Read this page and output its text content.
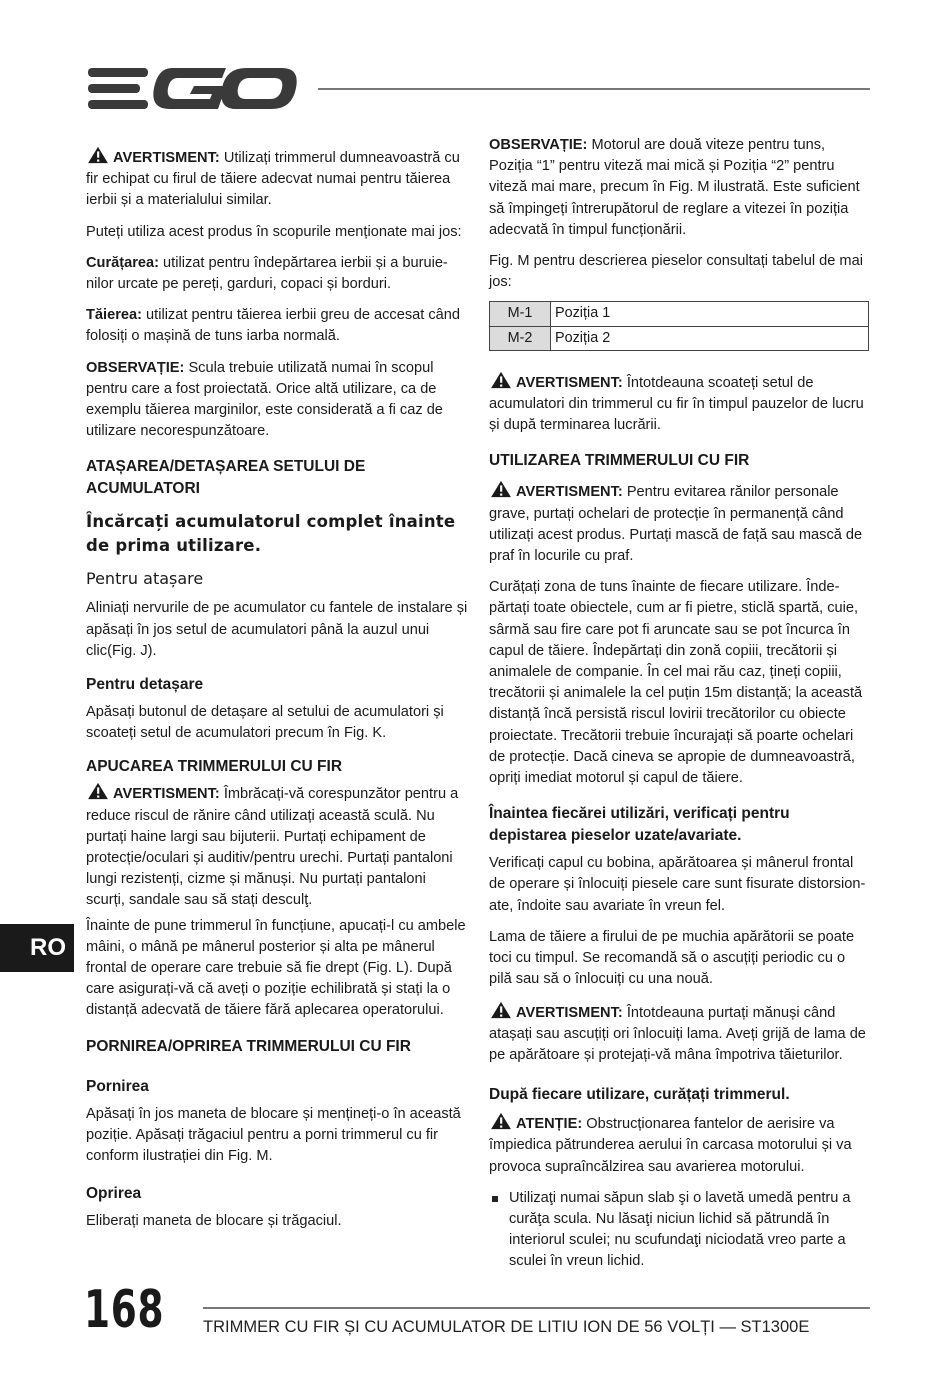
AVERTISMENT: Utilizați trimmerul dumneavoastră cu fir echipat cu firul de tăiere adecvat numai pentru tăierea ierbii și a materialului similar.

Puteți utiliza acest produs în scopurile menționate mai jos:

Curățarea: utilizat pentru îndepărtarea ierbii și a buruie-nilor urcate pe pereți, garduri, copaci și borduri.

Tăierea: utilizat pentru tăierea ierbii greu de accesat când folosiți o mașină de tuns iarba normală.

OBSERVAȚIE: Scula trebuie utilizată numai în scopul pentru care a fost proiectată. Orice altă utilizare, ca de exemplu tăierea marginilor, este considerată a fi caz de utilizare necorespunzătoare.

ATAȘAREA/DETAȘAREA SETULUI DE ACUMULATORI
Încărcați acumulatorul complet înainte de prima utilizare.
Pentru atașare

Aliniați nervurile de pe acumulator cu fantele de instalare și apăsați în jos setul de acumulatori până la auzul unui clic(Fig. J).

Pentru detașare

Apăsați butonul de detașare al setului de acumulatori și scoateți setul de acumulatori precum în Fig. K.

APUCAREA TRIMMERULUI CU FIR

AVERTISMENT: Îmbrăcați-vă corespunzător pentru a reduce riscul de rănire când utilizați această sculă. Nu purtați haine largi sau bijuterii. Purtați echipament de protecție/oculari și auditiv/pentru urechi. Purtați pantaloni lungi rezistenți, cizme și mănuși. Nu purtați pantaloni scurți, sandale sau să stați desculţ.

Înainte de pune trimmerul în funcțiune, apucați-l cu ambele mâini, o mână pe mânerul posterior și alta pe mânerul frontal de operare care trebuie să fie drept (Fig. L). După care asigurați-vă că aveți o poziție echilibrată și stați la o distanță adecvată de tăiere fără aplecarea operatorului.

PORNIREA/OPRIREA TRIMMERULUI CU FIR
Pornirea

Apăsați în jos maneta de blocare și mențineți-o în această poziție. Apăsați trăgaciul pentru a porni trimmerul cu fir conform ilustrației din Fig. M.

Oprirea

Eliberați maneta de blocare și trăgaciul.

OBSERVAȚIE: Motorul are două viteze pentru tuns, Poziția “1” pentru viteză mai mică și Poziția “2” pentru viteză mai mare, precum în Fig. M ilustrată. Este suficient să împingeți întrerupătorul de reglare a vitezei în poziția adecvată în timpul funcționării.

Fig. M pentru descrierea pieselor consultați tabelul de mai jos:

M-1	Poziția 1
M-2	Poziția 2

AVERTISMENT: Întotdeauna scoateți setul de acumulatori din trimmerul cu fir în timpul pauzelor de lucru și după terminarea lucrării.

UTILIZAREA TRIMMERULUI CU FIR

AVERTISMENT: Pentru evitarea rănilor personale grave, purtați ochelari de protecție în permanență când utilizați acest produs. Purtați mască de față sau mască de praf în locurile cu praf.

Curățați zona de tuns înainte de fiecare utilizare. Înde-părtați toate obiectele, cum ar fi pietre, sticlă spartă, cuie, sârmă sau fire care pot fi aruncate sau se pot încurca în capul de tăiere. Îndepărtați din zonă copiii, trecătorii și animalele de companie. În cel mai rău caz, țineți copiii, trecătorii și animalele la cel puțin 15m distanță; la această distanță încă persistă riscul lovirii trecătorilor cu obiecte proiectate. Trecătorii trebuie încurajați să poarte ochelari de protecție. Dacă cineva se apropie de dumneavoastră, opriți imediat motorul și capul de tăiere.

Înaintea fiecărei utilizări, verificați pentru depistarea pieselor uzate/avariate.

Verificați capul cu bobina, apărătoarea și mânerul frontal de operare și înlocuiți piesele care sunt fisurate distorsion-ate, îndoite sau avariate în vreun fel.

Lama de tăiere a firului de pe muchia apărătorii se poate toci cu timpul. Se recomandă să o ascuțiți periodic cu o pilă sau să o înlocuiți cu una nouă.

AVERTISMENT: Întotdeauna purtați mănuși când atașați sau ascuțiți ori înlocuiți lama. Aveți grijă de lama de pe apărătoare și protejați-vă mâna împotriva tăieturilor.

După fiecare utilizare, curățați trimmerul.

ATENȚIE: Obstrucționarea fantelor de aerisire va împiedica pătrunderea aerului în carcasa motorului și va provoca supraîncălzirea sau avarierea motorului.

Utilizaţi numai săpun slab şi o lavetă umedă pentru a curăţa scula. Nu lăsaţi niciun lichid să pătrundă în interiorul sculei; nu scufundaţi niciodată vreo parte a sculei în vreun lichid.
RO
168 TRIMMER CU FIR ȘI CU ACUMULATOR DE LITIU ION DE 56 VOLȚI — ST1300E
